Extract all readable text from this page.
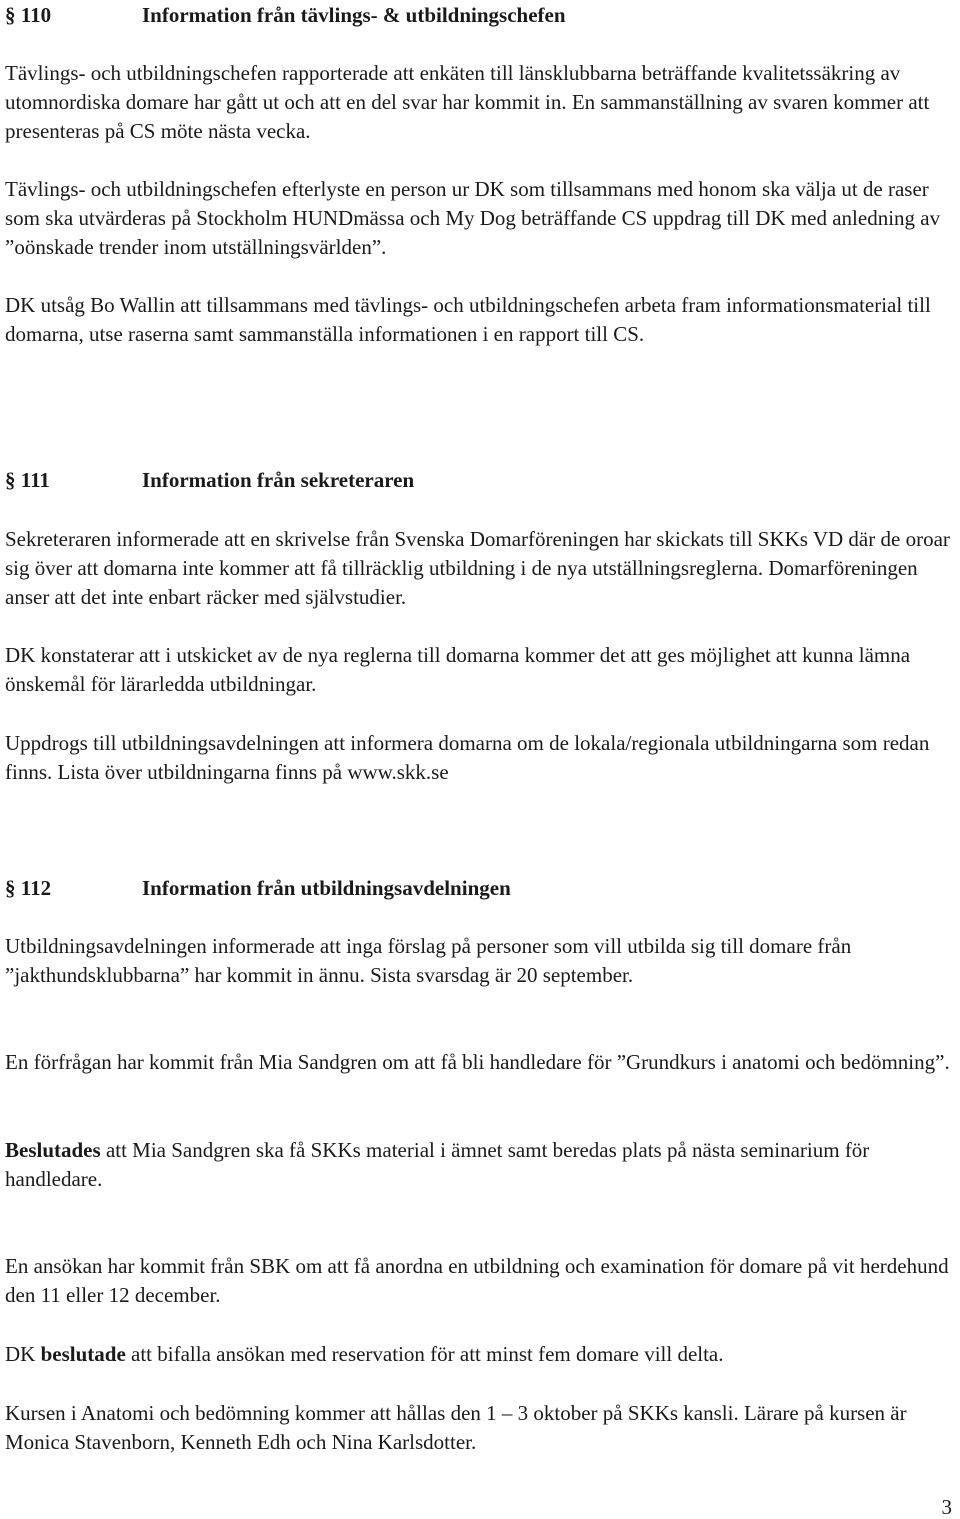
§ 110	Information från tävlings- & utbildningschefen

Tävlings- och utbildningschefen rapporterade att enkäten till länsklubbarna beträffande kvalitetssäkring av utomnordiska domare har gått ut och att en del svar har kommit in. En sammanställning av svaren kommer att presenteras på CS möte nästa vecka.

Tävlings- och utbildningschefen efterlyste en person ur DK som tillsammans med honom ska välja ut de raser som ska utvärderas på Stockholm HUNDmässa och My Dog beträffande CS uppdrag till DK med anledning av ”oönskade trender inom utställningsvärlden”.

DK utsåg Bo Wallin att tillsammans med tävlings- och utbildningschefen arbeta fram informationsmaterial till domarna, utse raserna samt sammanställa informationen i en rapport till CS.

§ 111	Information från sekreteraren

Sekreteraren informerade att en skrivelse från Svenska Domarföreningen har skickats till SKKs VD där de oroar sig över att domarna inte kommer att få tillräcklig utbildning i de nya utställningsreglerna. Domarföreningen anser att det inte enbart räcker med självstudier.

DK konstaterar att i utskicket av de nya reglerna till domarna kommer det att ges möjlighet att kunna lämna önskemål för lärarledda utbildningar.

Uppdrogs till utbildningsavdelningen att informera domarna om de lokala/regionala utbildningarna som redan finns. Lista över utbildningarna finns på www.skk.se

§ 112	Information från utbildningsavdelningen

Utbildningsavdelningen informerade att inga förslag på personer som vill utbilda sig till domare från ”jakthundsklubbarna” har kommit in ännu. Sista svarsdag är 20 september.

En förfrågan har kommit från Mia Sandgren om att få bli handledare för ”Grundkurs i anatomi och bedömning”.

Beslutades att Mia Sandgren ska få SKKs material i ämnet samt beredas plats på nästa seminarium för handledare.

En ansökan har kommit från SBK om att få anordna en utbildning och examination för domare på vit herdehund den 11 eller 12 december.

DK beslutade att bifalla ansökan med reservation för att minst fem domare vill delta.

Kursen i Anatomi och bedömning kommer att hållas den 1 – 3 oktober på SKKs kansli. Lärare på kursen är Monica Stavenborn, Kenneth Edh och Nina Karlsdotter.

3
